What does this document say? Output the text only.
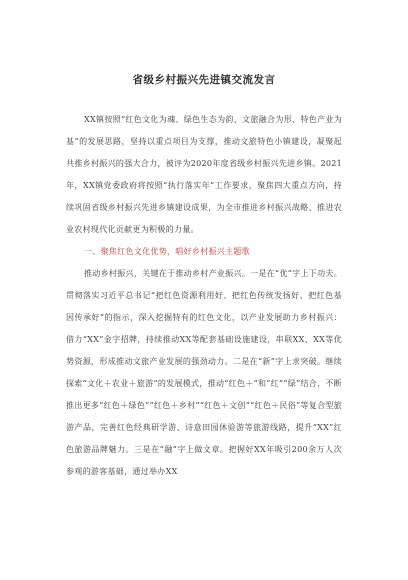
省级乡村振兴先进镇交流发言

XX镇按照“红色文化为魂、绿色生态为韵、文旅融合为形、特色产业为基”的发展思路，坚持以重点项目为支撑，推动文旅特色小镇建设，凝聚起共推乡村振兴的强大合力，被评为2020年度省级乡村振兴先进乡镇。2021年，XX镇党委政府将按照“执行落实年”工作要求，聚焦四大重点方向，持续巩固省级乡村振兴先进乡镇建设成果，为全市推进乡村振兴战略、推进农业农村现代化贡献更为积极的力量。

一、聚焦红色文化优势，唱好乡村振兴主题歌

推动乡村振兴，关键在于推动乡村产业振兴。一是在“优”字上下功夫。贯彻落实习近平总书记“把红色资源利用好、把红色传统发扬好、把红色基因传承好”的指示，深入挖掘特有的红色文化，以产业发展助力乡村振兴：借力“XX”金字招牌，持续推动XX等配套基础设施建设，串联XX、XX等优势资源，形成推动文旅产业发展的强劲动力。二是在“新”字上求突破。继续探索“文化＋农业＋旅游”的发展模式，推动“红色＋”和“红”“绿”结合，不断推出更多“红色＋绿色”“红色＋乡村”“红色＋文创”“红色＋民俗”等复合型旅游产品，完善红色经典研学游、诗意田园休验游等旅游线路，提升“XX”红色旅游品牌魅力。三是在“融”字上做文章。把握好XX年吸引200余万人次参观的游客基础，通过举办XX
